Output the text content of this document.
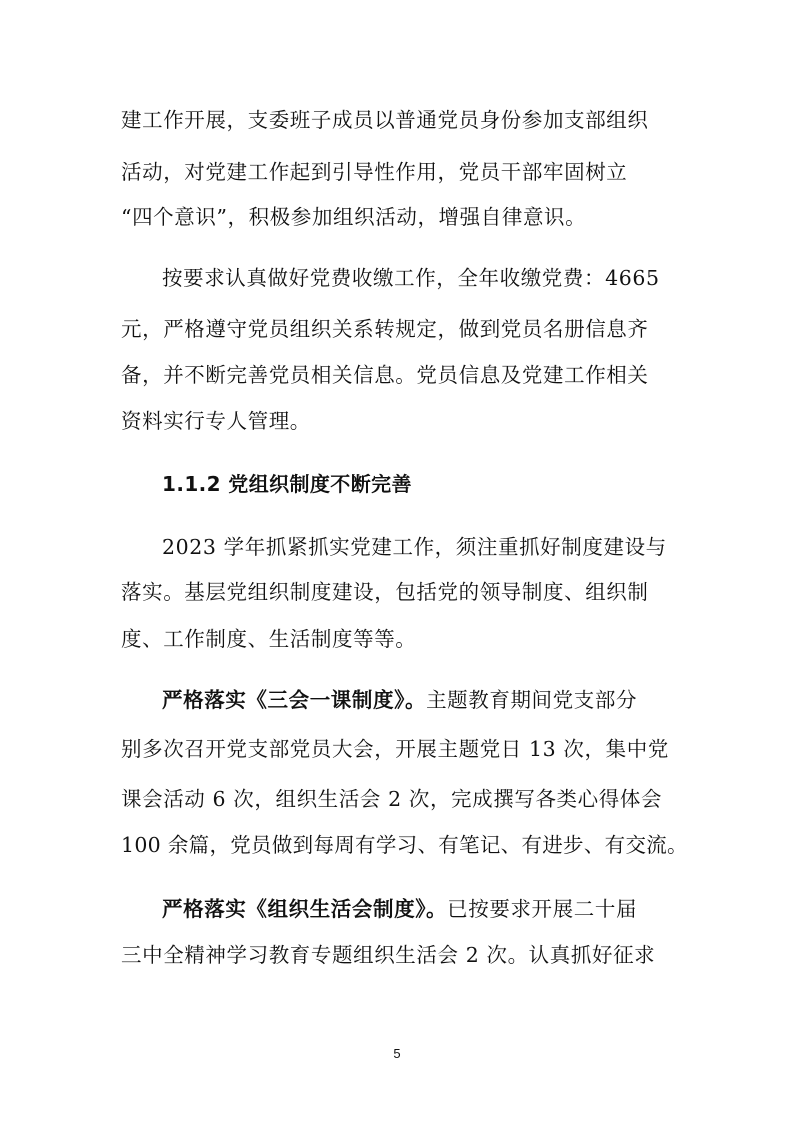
建工作开展，支委班子成员以普通党员身份参加支部组织
活动，对党建工作起到引导性作用，党员干部牢固树立
“四个意识”，积极参加组织活动，增强自律意识。
按要求认真做好党费收缴工作，全年收缴党费：4665
元，严格遵守党员组织关系转规定，做到党员名册信息齐
备，并不断完善党员相关信息。党员信息及党建工作相关
资料实行专人管理。
1.1.2 党组织制度不断完善
2023 学年抓紧抓实党建工作，须注重抓好制度建设与
落实。基层党组织制度建设，包括党的领导制度、组织制
度、工作制度、生活制度等等。
严格落实《三会一课制度》。主题教育期间党支部分
别多次召开党支部党员大会，开展主题党日 13 次，集中党
课会活动 6 次，组织生活会 2 次，完成撰写各类心得体会
100 余篇，党员做到每周有学习、有笔记、有进步、有交流。
严格落实《组织生活会制度》。已按要求开展二十届
三中全精神学习教育专题组织生活会 2 次。认真抓好征求
5
